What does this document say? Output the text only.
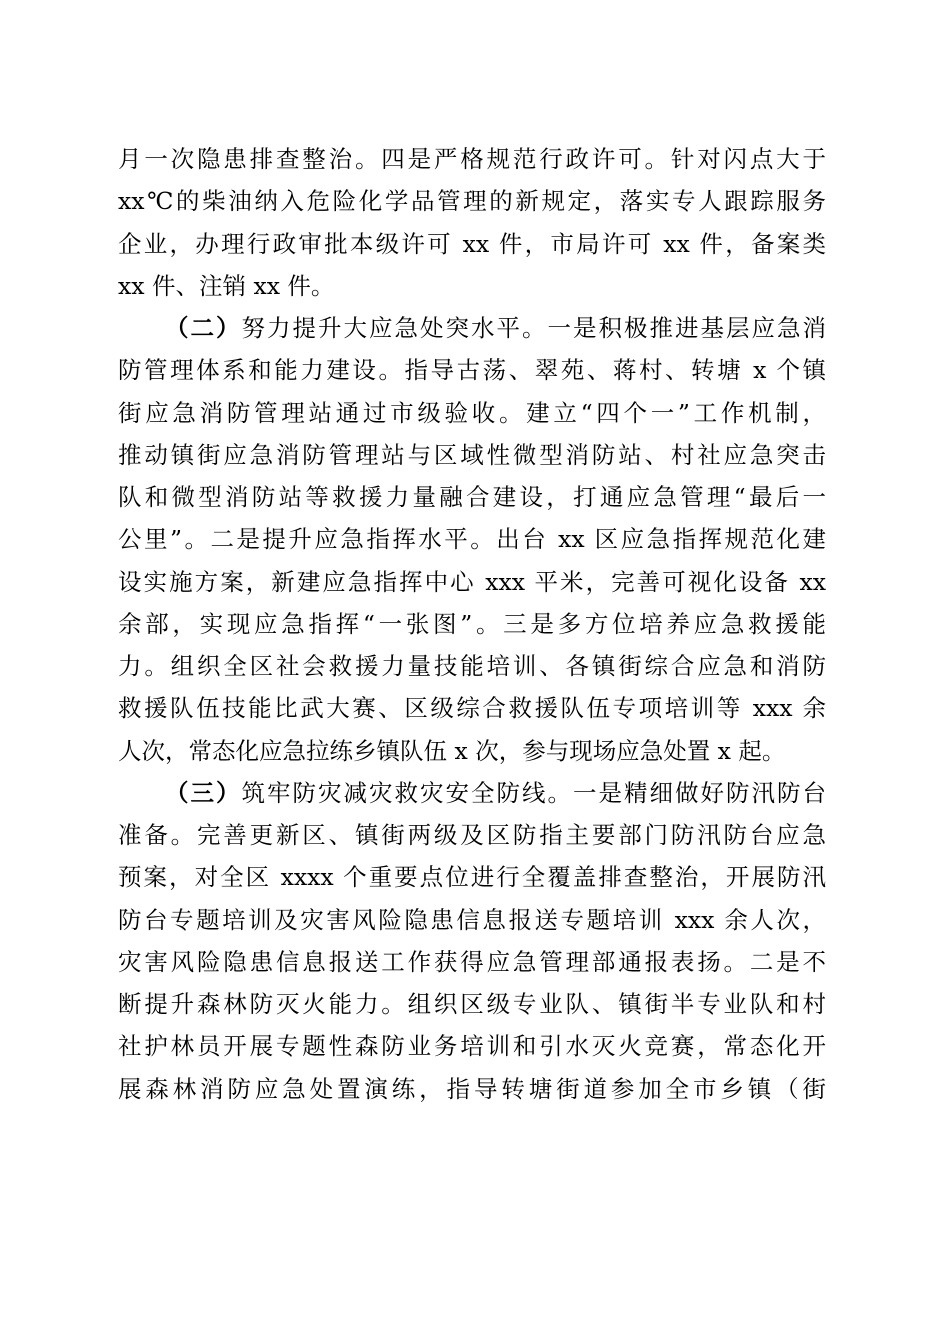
月一次隐患排查整治。四是严格规范行政许可。针对闪点大于
xx℃的柴油纳入危险化学品管理的新规定，落实专人跟踪服务
企业，办理行政审批本级许可 xx 件，市局许可 xx 件，备案类
xx 件、注销 xx 件。
（二）努力提升大应急处突水平。一是积极推进基层应急消
防管理体系和能力建设。指导古荡、翠苑、蒋村、转塘 x 个镇
街应急消防管理站通过市级验收。建立“四个一”工作机制，
推动镇街应急消防管理站与区域性微型消防站、村社应急突击
队和微型消防站等救援力量融合建设，打通应急管理“最后一
公里”。二是提升应急指挥水平。出台 xx 区应急指挥规范化建
设实施方案，新建应急指挥中心 xxx 平米，完善可视化设备 xx
余部，实现应急指挥“一张图”。三是多方位培养应急救援能
力。组织全区社会救援力量技能培训、各镇街综合应急和消防
救援队伍技能比武大赛、区级综合救援队伍专项培训等 xxx 余
人次，常态化应急拉练乡镇队伍 x 次，参与现场应急处置 x 起。
（三）筑牢防灾减灾救灾安全防线。一是精细做好防汛防台
准备。完善更新区、镇街两级及区防指主要部门防汛防台应急
预案，对全区 xxxx 个重要点位进行全覆盖排查整治，开展防汛
防台专题培训及灾害风险隐患信息报送专题培训 xxx 余人次，
灾害风险隐患信息报送工作获得应急管理部通报表扬。二是不
断提升森林防灭火能力。组织区级专业队、镇街半专业队和村
社护林员开展专题性森防业务培训和引水灭火竞赛，常态化开
展森林消防应急处置演练，指导转塘街道参加全市乡镇（街
